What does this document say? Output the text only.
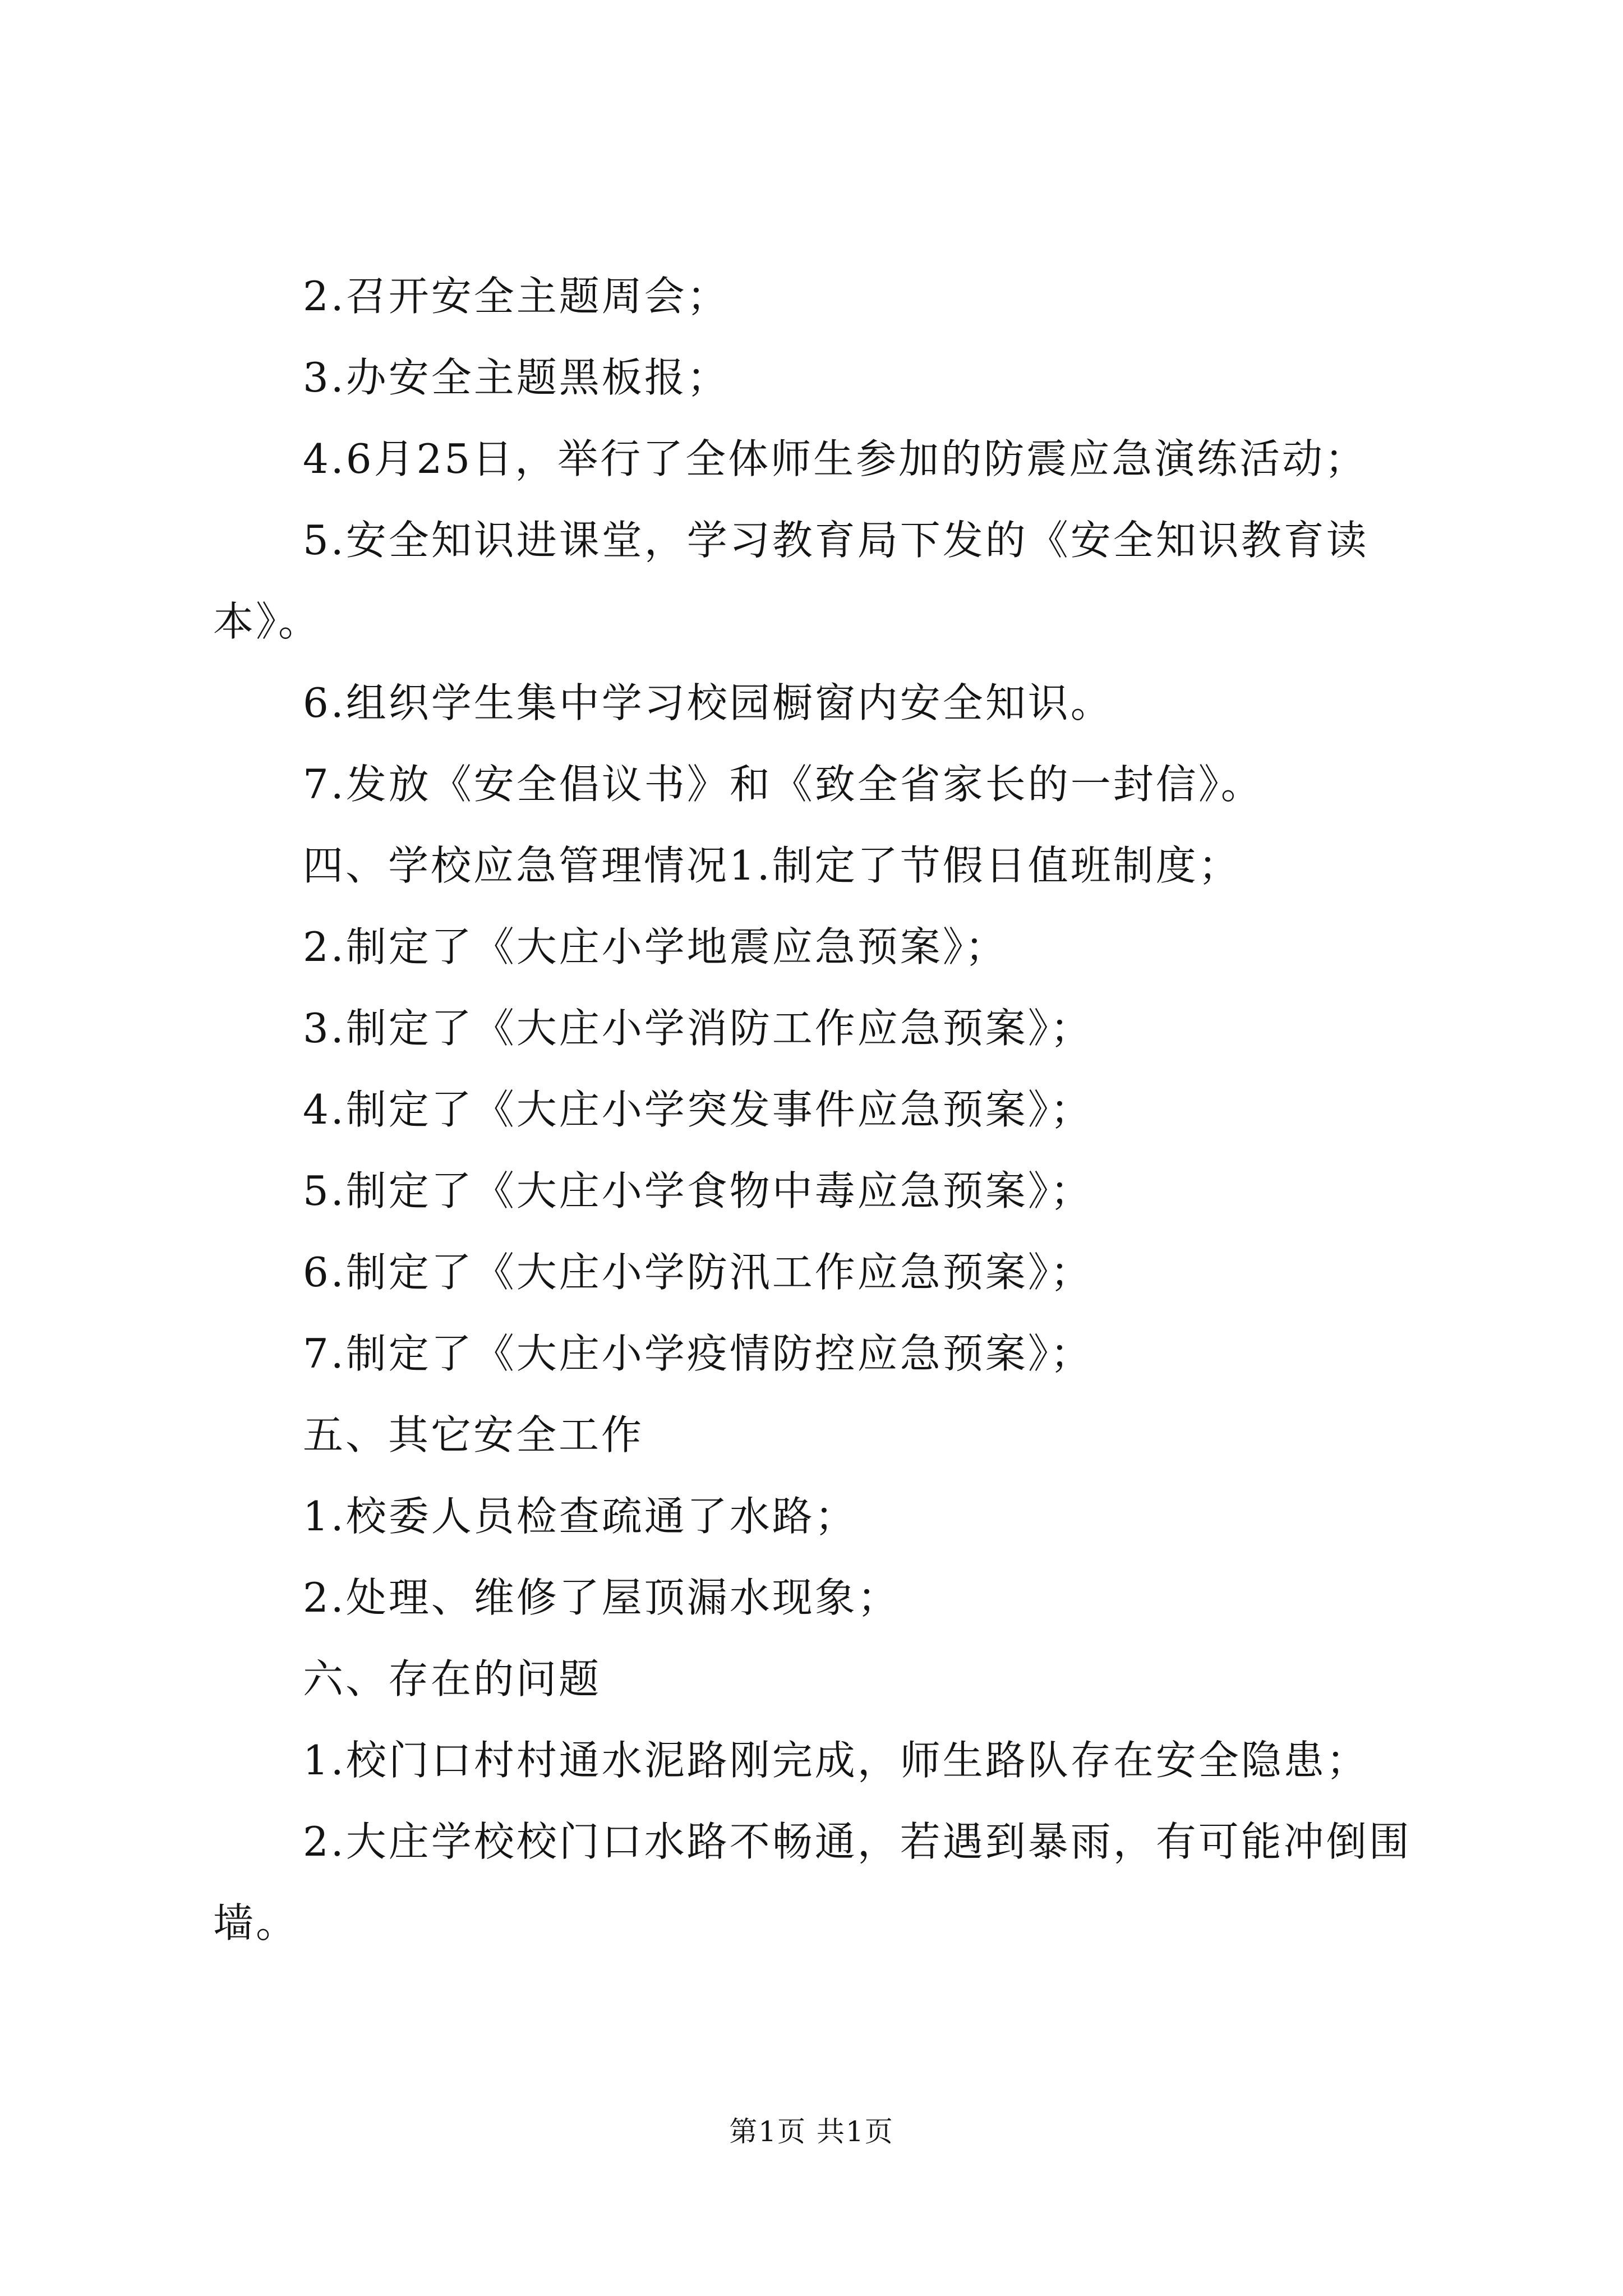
2.召开安全主题周会；

3.办安全主题黑板报；

4.6月25日，举行了全体师生参加的防震应急演练活动；

5.安全知识进课堂，学习教育局下发的《安全知识教育读本》。

6.组织学生集中学习校园橱窗内安全知识。

7.发放《安全倡议书》和《致全省家长的一封信》。

四、学校应急管理情况1.制定了节假日值班制度；

2.制定了《大庄小学地震应急预案》；

3.制定了《大庄小学消防工作应急预案》；

4.制定了《大庄小学突发事件应急预案》；

5.制定了《大庄小学食物中毒应急预案》；

6.制定了《大庄小学防汛工作应急预案》；

7.制定了《大庄小学疫情防控应急预案》；

五、其它安全工作

1.校委人员检查疏通了水路；

2.处理、维修了屋顶漏水现象；

六、存在的问题

1.校门口村村通水泥路刚完成，师生路队存在安全隐患；

2.大庄学校校门口水路不畅通，若遇到暴雨，有可能冲倒围墙。

第1页 共1页
